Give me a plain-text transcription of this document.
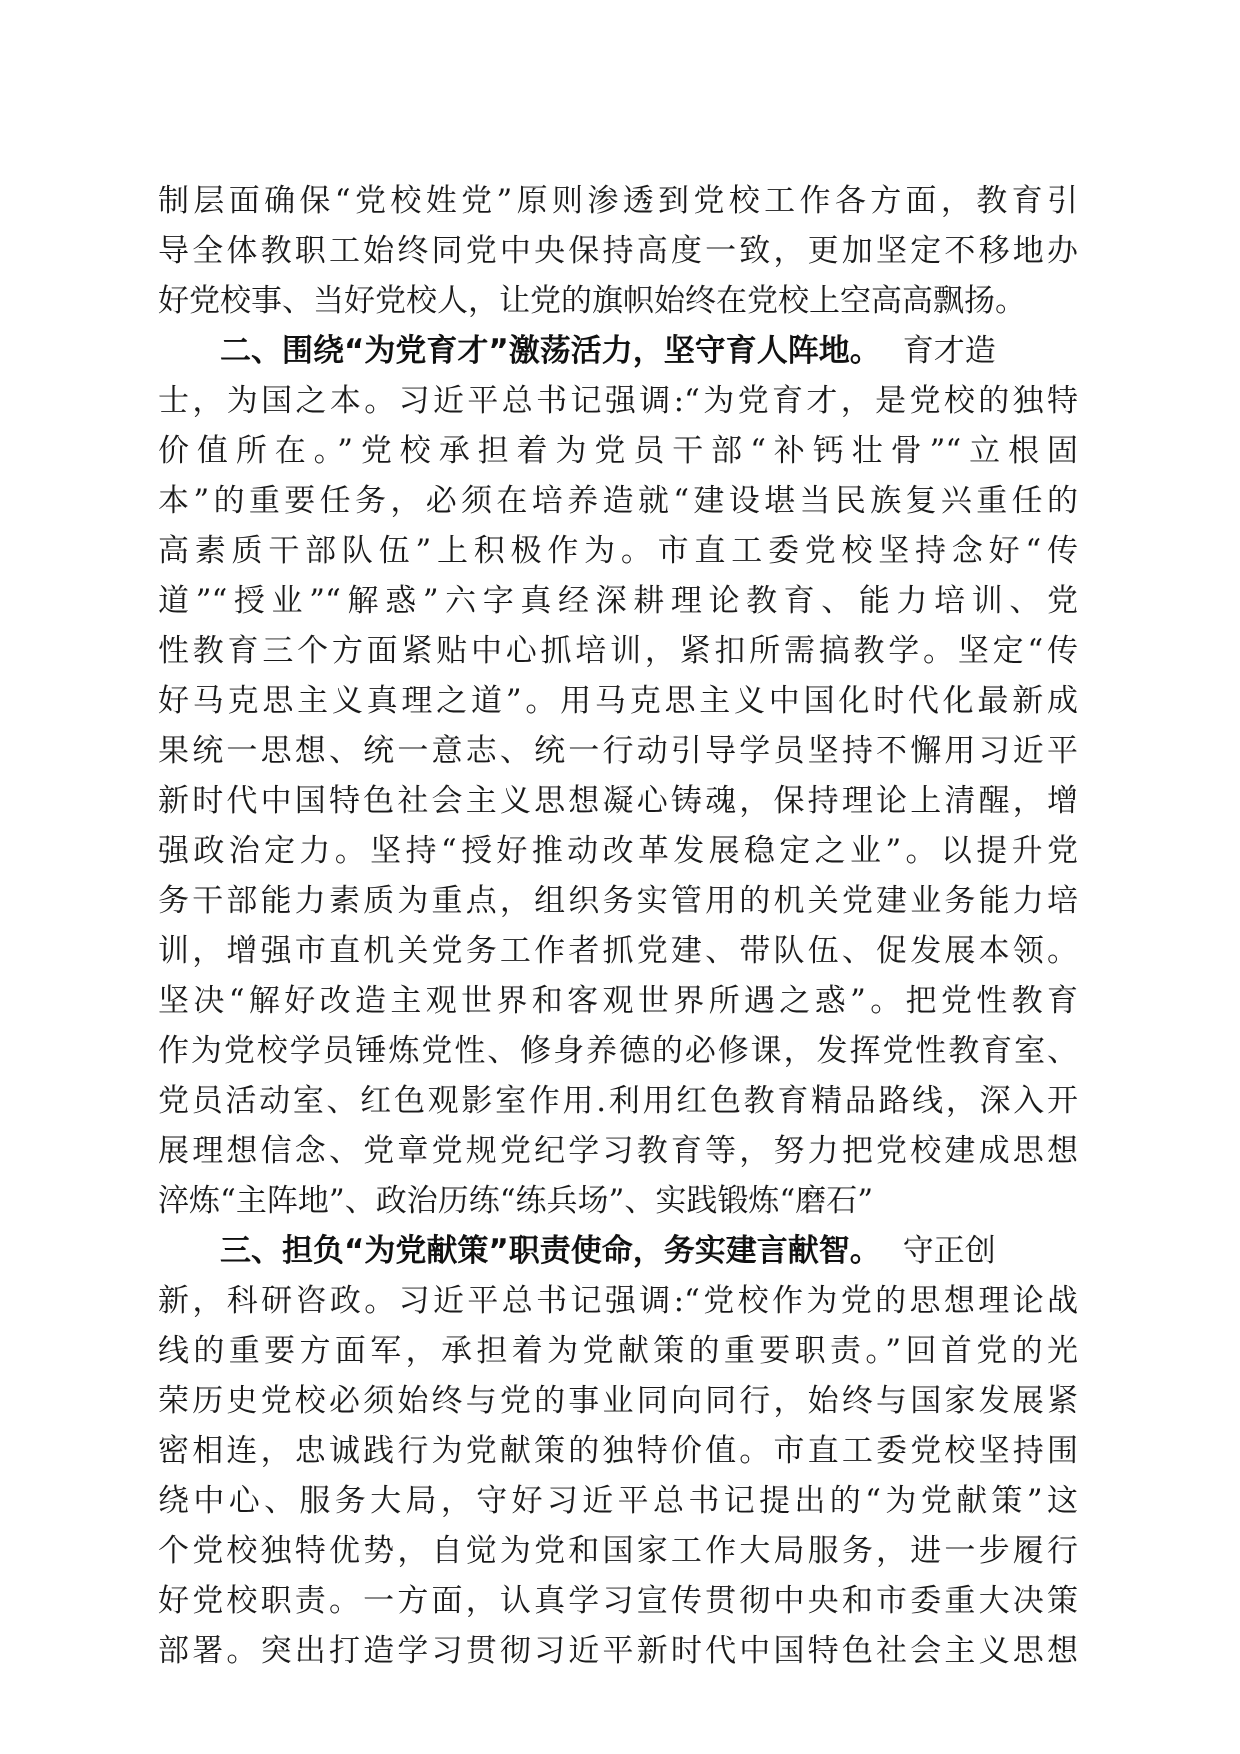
制层面确保“党校姓党”原则渗透到党校工作各方面，教育引
导全体教职工始终同党中央保持高度一致，更加坚定不移地办
好党校事、当好党校人，让党的旗帜始终在党校上空高高飘扬。
二、围绕“为党育才”激荡活力，坚守育人阵地。 育才造
士，为国之本。习近平总书记强调:“为党育才，是党校的独特
价值所在。”党校承担着为党员干部“补钙壮骨”“立根固
本”的重要任务，必须在培养造就“建设堪当民族复兴重任的
高素质干部队伍”上积极作为。市直工委党校坚持念好“传
道”“授业”“解惑”六字真经深耕理论教育、能力培训、党
性教育三个方面紧贴中心抓培训，紧扣所需搞教学。坚定“传
好马克思主义真理之道”。用马克思主义中国化时代化最新成
果统一思想、统一意志、统一行动引导学员坚持不懈用习近平
新时代中国特色社会主义思想凝心铸魂，保持理论上清醒，增
强政治定力。坚持“授好推动改革发展稳定之业”。以提升党
务干部能力素质为重点，组织务实管用的机关党建业务能力培
训，增强市直机关党务工作者抓党建、带队伍、促发展本领。
坚决“解好改造主观世界和客观世界所遇之惑”。把党性教育
作为党校学员锤炼党性、修身养德的必修课，发挥党性教育室、
党员活动室、红色观影室作用.利用红色教育精品路线，深入开
展理想信念、党章党规党纪学习教育等，努力把党校建成思想
淬炼“主阵地”、政治历练“练兵场”、实践锻炼“磨石”
三、担负“为党献策”职责使命，务实建言献智。 守正创
新，科研咨政。习近平总书记强调:“党校作为党的思想理论战
线的重要方面军，承担着为党献策的重要职责。”回首党的光
荣历史党校必须始终与党的事业同向同行，始终与国家发展紧
密相连，忠诚践行为党献策的独特价值。市直工委党校坚持围
绕中心、服务大局，守好习近平总书记提出的“为党献策”这
个党校独特优势，自觉为党和国家工作大局服务，进一步履行
好党校职责。一方面，认真学习宣传贯彻中央和市委重大决策
部署。突出打造学习贯彻习近平新时代中国特色社会主义思想
